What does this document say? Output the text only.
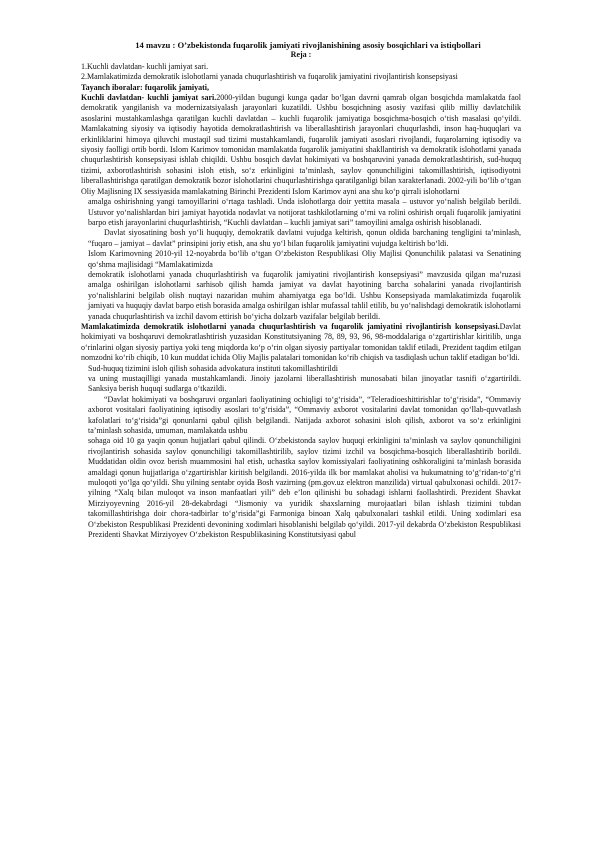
14 mavzu : O’zbekistonda fuqarolik jamiyati rivojlanishining asosiy bosqichlari va istiqbollari

Reja :

1.Kuchli davlatdan- kuchli jamiyat sari.

2.Mamlakatimizda demokratik islohotlarni yanada chuqurlashtirish va fuqarolik jamiyatini rivojlantirish konsepsiyasi

Tayanch iboralar: fuqarolik jamiyati,

Kuchli davlatdan- kuchli jamiyat sari.2000-yildan bugungi kunga qadar bo‘lgan davrni qamrab olgan bosqichda mamlakatda faol demokratik yangilanish va modernizatsiyalash jarayonlari kuzatildi. Ushbu bosqichning asosiy vazifasi qilib milliy davlatchilik asoslarini mustahkamlashga qaratilgan kuchli davlatdan – kuchli fuqarolik jamiyatiga bosqichma-bosqich o‘tish masalasi qo‘yildi. Mamlakatning siyosiy va iqtisodiy hayotida demokratlashtirish va liberallashtirish jarayonlari chuqurlashdi, inson haq-huquqlari va erkinliklarini himoya qiluvchi mustaqil sud tizimi mustahkamlandi, fuqarolik jamiyati asoslari rivojlandi, fuqarolarning iqtisodiy va siyosiy faolligi ortib bordi. Islom Karimov tomonidan mamlakatda fuqarolik jamiyatini shakllantirish va demokratik islohotlarni yanada chuqurlashtirish konsepsiyasi ishlab chiqildi. Ushbu bosqich davlat hokimiyati va boshqaruvini yanada demokratlashtirish, sud-huquq tizimi, axborotlashtirish sohasini isloh etish, so‘z erkinligini ta’minlash, saylov qonunchiligini takomillashtirish, iqtisodiyotni liberallashtirishga qaratilgan demokratik bozor islohotlarini chuqurlashtirishga qaratilganligi bilan xarakterlanadi. 2002-yili bo‘lib o‘tgan Oliy Majlisning IX sessiyasida mamlakatning Birinchi Prezidenti Islom Karimov ayni ana shu ko‘p qirrali islohotlarni

amalga oshirishning yangi tamoyillarini o‘rtaga tashladi. Unda islohotlarga doir yettita masala – ustuvor yo‘nalish belgilab berildi. Ustuvor yo‘nalishlardan biri jamiyat hayotida nodavlat va notijorat tashkilotlarning o‘rni va rolini oshirish orqali fuqarolik jamiyatini barpo etish jarayonlarini chuqurlashtirish, “Kuchli davlatdan – kuchli jamiyat sari” tamoyilini amalga oshirish hisoblanadi.

Davlat siyosatining bosh yo‘li huquqiy, demokratik davlatni vujudga keltirish, qonun oldida barchaning tengligini ta’minlash, “fuqaro – jamiyat – davlat” prinsipini joriy etish, ana shu yo‘l bilan fuqarolik jamiyatini vujudga keltirish bo‘ldi.

Islom Karimovning 2010-yil 12-noyabrda bo‘lib o‘tgan O‘zbekiston Respublikasi Oliy Majlisi Qonunchilik palatasi va Senatining qo‘shma majlisidagi “Mamlakatimizda

demokratik islohotlarni yanada chuqurlashtirish va fuqarolik jamiyatini rivojlantirish konsepsiyasi” mavzusida qilgan ma’ruzasi amalga oshirilgan islohotlarni sarhisob qilish hamda jamiyat va davlat hayotining barcha sohalarini yanada rivojlantirish yo‘nalishlarini belgilab olish nuqtayi nazaridan muhim ahamiyatga ega bo‘ldi. Ushbu Konsepsiyada mamlakatimizda fuqarolik jamiyati va huquqiy davlat barpo etish borasida amalga oshirilgan ishlar mufassal tahlil etilib, bu yo‘nalishdagi demokratik islohotlarni yanada chuqurlashtirish va izchil davom ettirish bo‘yicha dolzarb vazifalar belgilab berildi.

Mamlakatimizda demokratik islohotlarni yanada chuqurlashtirish va fuqarolik jamiyatini rivojlantirish konsepsiyasi.Davlat hokimiyati va boshqaruvi demokratlashtirish yuzasidan Konstitutsiyaning 78, 89, 93, 96, 98-moddalariga o‘zgartirishlar kiritilib, unga o‘rinlarini olgan siyosiy partiya yoki teng miqdorda ko‘p o‘rin olgan siyosiy partiyalar tomonidan taklif etiladi, Prezident taqdim etilgan nomzodni ko‘rib chiqib, 10 kun muddat ichida Oliy Majlis palatalari tomonidan ko‘rib chiqish va tasdiqlash uchun taklif etadigan bo‘ldi.

Sud-huquq tizimini isloh qilish sohasida advokatura instituti takomillashtirildi

va uning mustaqilligi yanada mustahkamlandi. Jinoiy jazolarni liberallashtirish munosabati bilan jinoyatlar tasnifi o‘zgartirildi. Sanksiya berish huquqi sudlarga o‘tkazildi.

“Davlat hokimiyati va boshqaruvi organlari faoliyatining ochiqligi to‘g‘risida”, “Teleradioeshittirishlar to‘g‘risida”, “Ommaviy axborot vositalari faoliyatining iqtisodiy asoslari to‘g‘risida”, “Ommaviy axborot vositalarini davlat tomonidan qo‘llab-quvvatlash kafolatlari to‘g‘risida”gi qonunlarni qabul qilish belgilandi. Natijada axborot sohasini isloh qilish, axborot va so‘z erkinligini ta’minlash sohasida, umuman, mamlakatda ushbu

sohaga oid 10 ga yaqin qonun hujjatlari qabul qilindi. O‘zbekistonda saylov huquqi erkinligini ta’minlash va saylov qonunchiligini rivojlantirish sohasida saylov qonunchiligi takomillashtirilib, saylov tizimi izchil va bosqichma-bosqich liberallashtirib borildi. Muddatidan oldin ovoz berish muammosini hal etish, uchastka saylov komissiyalari faoliyatining oshkoraligini ta’minlash borasida amaldagi qonun hujjatlariga o‘zgartirishlar kiritish belgilandi. 2016-yilda ilk bor mamlakat aholisi va hukumatning to‘g‘ridan-to‘g‘ri muloqoti yo‘lga qo‘yildi. Shu yilning sentabr oyida Bosh vazirning (pm.gov.uz elektron manzilida) virtual qabulxonasi ochildi. 2017-yilning “Xalq bilan muloqot va inson manfaatlari yili” deb e’lon qilinishi bu sohadagi ishlarni faollashtirdi. Prezident Shavkat Mirziyoyevning 2016-yil 28-dekabrdagi “Jismoniy va yuridik shaxslarning murojaatlari bilan ishlash tizimini tubdan takomillashtirishga doir chora-tadbirlar to‘g‘risida”gi Farmoniga binoan Xalq qabulxonalari tashkil etildi. Uning xodimlari esa O‘zbekiston Respublikasi Prezidenti devonining xodimlari hisoblanishi belgilab qo‘yildi. 2017-yil dekabrda O‘zbekiston Respublikasi Prezidenti Shavkat Mirziyoyev O‘zbekiston Respublikasining Konstitutsiyasi qabul
